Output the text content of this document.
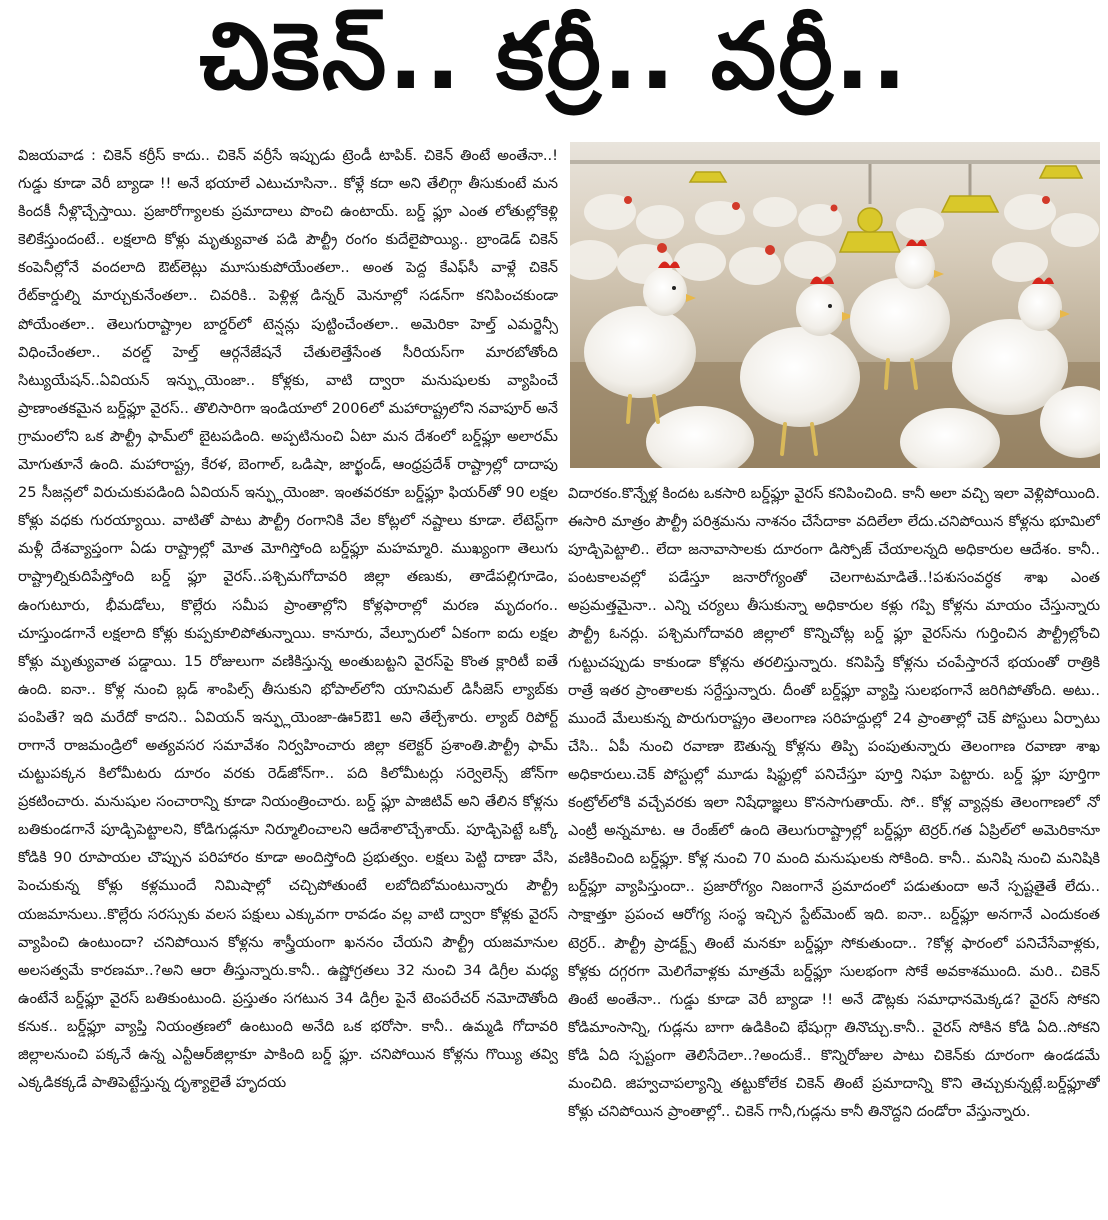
చికెన్.. కర్రీ.. వర్రీ..

విజయవాడ : చికెన్ కర్రీస్ కాదు.. చికెన్ వర్రీసే ఇప్పుడు ట్రెండీ టాపిక్. చికెన్ తింటే అంతేనా..! గుడ్డు కూడా వెరీ బ్యాడా !! అనే భయాలే ఎటుచూసినా.. కోళ్లే కదా అని తేలిగ్గా తీసుకుంటే మన కిందకీ నీళ్లొచ్చేస్తాయి. ప్రజారోగ్యాలకు ప్రమాదాలు పొంచి ఉంటాయ్. బర్డ్ ఫ్లూ ఎంత లోతుల్లోకెళ్లి కెలికేస్తుందంటే.. లక్షలాది కోళ్లు మృత్యువాత పడి పౌల్ట్రీ రంగం కుదేలైపొయ్యి.. బ్రాండెడ్ చికెన్ కంపెనీల్లోనే వందలాది ఔట్‌లెట్లు మూసుకుపోయేంతలా.. అంత పెద్ద కేఎఫ్‌సీ వాళ్లే చికెన్ రేట్‌కార్డుల్ని మార్చుకునేంతలా.. చివరికి.. పెళ్లిళ్ల డిన్నర్ మెనూల్లో సడన్‌గా కనిపించకుండా పోయేంతలా.. తెలుగురాష్ట్రాల బార్డర్‌లో టెన్షన్లు పుట్టించేంతలా.. అమెరికా హెల్త్ ఎమర్జెన్సీ విధించేంతలా.. వరల్డ్ హెల్త్ ఆర్గనేజేషనే చేతులెత్తేసేంత సీరియస్‌గా మారబోతోంది సిట్యుయేషన్..ఏవియన్ ఇన్ఫ్లుయెంజా.. కోళ్లకు, వాటి ద్వారా మనుషులకు వ్యాపించే ప్రాణాంతకమైన బర్డ్‌ఫ్లూ వైరస్.. తొలిసారిగా ఇండియాలో 2006లో మహారాష్ట్రలోని నవాపూర్ అనే గ్రామంలోని ఒక పౌల్ట్రీ ఫామ్‌లో బైటపడింది. అప్పటినుంచి ఏటా మన దేశంలో బర్డ్‌ఫ్లూ అలారమ్ మోగుతూనే ఉంది. మహారాష్ట్ర, కేరళ, బెంగాల్, ఒడిషా, జార్ఖండ్, ఆంధ్రప్రదేశ్ రాష్ట్రాల్లో దాదాపు 25 సీజన్లలో విరుచుకుపడింది ఏవియన్ ఇన్ఫ్లుయెంజా. ఇంతవరకూ బర్డ్‌ఫ్లూ ఫియర్‌తో 90 లక్షల కోళ్లు వధకు గురయ్యాయి. వాటితో పాటు పౌల్ట్రీ రంగానికి వేల కోట్లలో నష్టాలు కూడా. లేటెస్ట్‌గా మళ్లీ దేశవ్యాప్తంగా ఏడు రాష్ట్రాల్లో మోత మోగిస్తోంది బర్డ్‌ఫ్లూ మహమ్మారి. ముఖ్యంగా తెలుగు రాష్ట్రాల్నికుదిపేస్తోంది బర్డ్ ఫ్లూ వైరస్..పశ్చిమగోదావరి జిల్లా తణుకు, తాడేపల్లిగూడెం, ఉంగుటూరు, భీమడోలు, కొల్లేరు సమీప ప్రాంతాల్లోని కోళ్లఫారాల్లో మరణ మృదంగం.. చూస్తుండగానే లక్షలాది కోళ్లు కుప్పకూలిపోతున్నాయి. కానూరు, వేల్పూరులో ఏకంగా ఐదు లక్షల కోళ్లు మృత్యువాత పడ్డాయి. 15 రోజులుగా వణికిస్తున్న అంతుబట్టని వైరస్‌పై కొంత క్లారిటీ ఐతే ఉంది. ఐనా.. కోళ్ల నుంచి బ్లడ్ శాంపిల్స్ తీసుకుని భోపాల్‌లోని యానిమల్ డిసీజెస్ ల్యాబ్‌కు పంపితే? ఇది మరేదో కాదని.. ఏవియన్ ఇన్ఫ్లుయెంజా-ఊ5ఔ1 అని తేల్చేశారు. ల్యాబ్ రిపోర్ట్ రాగానే రాజమండ్రిలో అత్యవసర సమావేశం నిర్వహించారు జిల్లా కలెక్టర్ ప్రశాంతి.పౌల్ట్రీ ఫామ్ చుట్టుపక్కన కిలోమీటరు దూరం వరకు రెడ్‌జోన్‌గా.. పది కిలోమీటర్లు సర్వెలెన్స్ జోన్‌గా ప్రకటించారు. మనుషుల సంచారాన్ని కూడా నియంత్రించారు. బర్డ్ ఫ్లూ పాజిటివ్ అని తేలిన కోళ్లను బతికుండగానే పూడ్చిపెట్టాలని, కోడిగుడ్లనూ నిర్మూలించాలని ఆదేశాలొచ్చేశాయ్. పూడ్చిపెట్టే ఒక్కో కోడికి 90 రూపాయల చొప్పున పరిహారం కూడా అందిస్తోంది ప్రభుత్వం. లక్షలు పెట్టి దాణా వేసి, పెంచుకున్న కోళ్లు కళ్లముందే నిమిషాల్లో చచ్చిపోతుంటే లబోదిబోమంటున్నారు పౌల్ట్రీ యజమానులు..కొల్లేరు సరస్సుకు వలస పక్షులు ఎక్కువగా రావడం వల్ల వాటి ద్వారా కోళ్లకు వైరస్ వ్యాపించి ఉంటుందా? చనిపోయిన కోళ్లను శాస్త్రీయంగా ఖననం చేయని పౌల్ట్రీ యజమానుల అలసత్వమే కారణమా..?అని ఆరా తీస్తున్నారు.కానీ.. ఉష్ణోగ్రతలు 32 నుంచి 34 డిగ్రీల మధ్య ఉంటేనే బర్డ్‌ఫ్లూ వైరస్ బతికుంటుంది. ప్రస్తుతం సగటున 34 డిగ్రీల పైనే టెంపరేచర్ నమోదౌతోంది కనుక.. బర్డ్‌ఫ్లూ వ్యాప్తి నియంత్రణలో ఉంటుంది అనేది ఒక భరోసా. కానీ.. ఉమ్మడి గోదావరి జిల్లాలనుంచి పక్కనే ఉన్న ఎన్టీఆర్‌జిల్లాకూ పాకింది బర్డ్ ఫ్లూ. చనిపోయిన కోళ్లను గొయ్యి తవ్వి ఎక్కడికక్కడే పాతిపెట్టేస్తున్న దృశ్యాలైతే హృదయ

విదారకం.కొన్నేళ్ల కిందట ఒకసారి బర్డ్‌ఫ్లూ వైరస్ కనిపించింది. కానీ అలా వచ్చి ఇలా వెళ్లిపోయింది. ఈసారి మాత్రం పౌల్ట్రీ పరిశ్రమను నాశనం చేసేదాకా వదిలేలా లేదు.చనిపోయిన కోళ్లను భూమిలో పూడ్చిపెట్టాలి.. లేదా జనావాసాలకు దూరంగా డిస్పోజ్ చేయాలన్నది అధికారుల ఆదేశం. కానీ.. పంటకాలవల్లో పడేస్తూ జనారోగ్యంతో చెలగాటమాడితే..!పశుసంవర్ధక శాఖ ఎంత అప్రమత్తమైనా.. ఎన్ని చర్యలు తీసుకున్నా అధికారుల కళ్లు గప్పి కోళ్లను మాయం చేస్తున్నారు పౌల్ట్రీ ఓనర్లు. పశ్చిమగోదావరి జిల్లాలో కొన్నిచోట్ల బర్డ్ ఫ్లూ వైరస్‌ను గుర్తించిన పౌల్ట్రీల్లోంచి గుట్టుచప్పుడు కాకుండా కోళ్లను తరలిస్తున్నారు. కనిపిస్తే కోళ్లను చంపేస్తారనే భయంతో రాత్రికి రాత్రే ఇతర ప్రాంతాలకు సర్దేస్తున్నారు. దీంతో బర్డ్‌ఫ్లూ వ్యాప్తి సులభంగానే జరిగిపోతోంది. అటు.. ముందే మేలుకున్న పొరుగురాష్ట్రం తెలంగాణ సరిహద్దుల్లో 24 ప్రాంతాల్లో చెక్ పోస్టులు ఏర్పాటు చేసి.. ఏపీ నుంచి రవాణా ఔతున్న కోళ్లను తిప్పి పంపుతున్నారు తెలంగాణ రవాణా శాఖ అధికారులు.చెక్ పోస్టుల్లో మూడు షిఫ్టుల్లో పనిచేస్తూ పూర్తి నిఘా పెట్టారు. బర్డ్ ఫ్లూ పూర్తిగా కంట్రోల్‌లోకి వచ్చేవరకు ఇలా నిషేధాజ్ఞలు కొనసాగుతాయ్. సో.. కోళ్ల వ్యాన్లకు తెలంగాణలో నో ఎంట్రీ అన్నమాట. ఆ రేంజ్‌లో ఉంది తెలుగురాష్ట్రాల్లో బర్డ్‌ఫ్లూ టెర్రర్.గత ఏప్రిల్‌లో అమెరికానూ వణికించింది బర్డ్‌ఫ్లూ. కోళ్ల నుంచి 70 మంది మనుషులకు సోకింది. కానీ.. మనిషి నుంచి మనిషికి బర్డ్‌ఫ్లూ వ్యాపిస్తుందా.. ప్రజారోగ్యం నిజంగానే ప్రమాదంలో పడుతుందా అనే స్పష్టతైతే లేదు.. సాక్షాత్తూ ప్రపంచ ఆరోగ్య సంస్థ ఇచ్చిన స్టేట్‌మెంట్ ఇది. ఐనా.. బర్డ్‌ఫ్లూ అనగానే ఎందుకంత టెర్రర్.. పౌల్ట్రీ ప్రాడక్ట్స్ తింటే మనకూ బర్డ్‌ఫ్లూ సోకుతుందా.. ?కోళ్ల ఫారంలో పనిచేసేవాళ్లకు, కోళ్లకు దగ్గరగా మెలిగేవాళ్లకు మాత్రమే బర్డ్‌ఫ్లూ సులభంగా సోకే అవకాశముంది. మరి.. చికెన్ తింటే అంతేనా.. గుడ్డు కూడా వెరీ బ్యాడా !! అనే డౌట్లకు సమాధానమెక్కడ? వైరస్ సోకని కోడిమాంసాన్ని, గుడ్లను బాగా ఉడికించి భేషుగ్గా తినొచ్చు.కానీ.. వైరస్ సోకిన కోడి ఏది..సోకని కోడి ఏది స్పష్టంగా తెలిసేదెలా..?అందుకే.. కొన్నిరోజుల పాటు చికెన్‌కు దూరంగా ఉండడమే మంచిది. జిహ్వచాపల్యాన్ని తట్టుకోలేక చికెన్ తింటే ప్రమాదాన్ని కొని తెచ్చుకున్నట్లే.బర్డ్‌ఫ్లూతో కోళ్లు చనిపోయిన ప్రాంతాల్లో.. చికెన్ గానీ,గుడ్లను కానీ తినొద్దని దండోరా వేస్తున్నారు.
